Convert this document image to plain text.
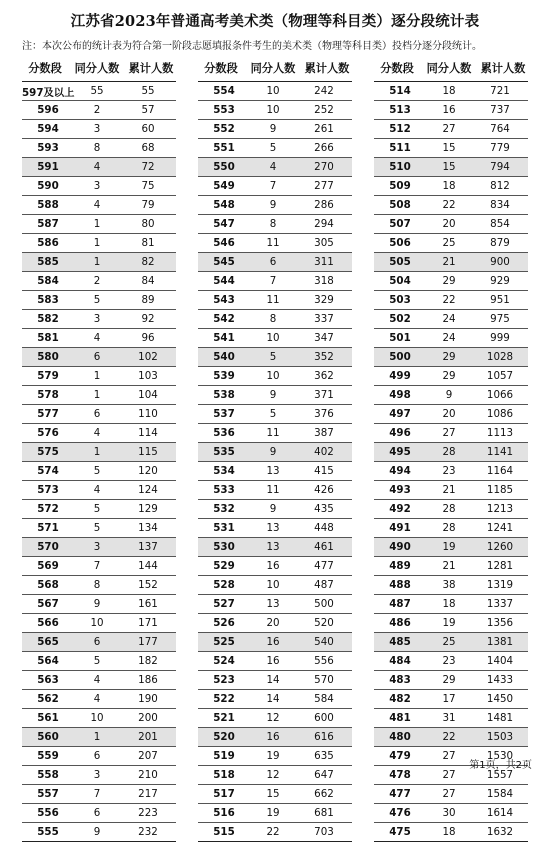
江苏省2023年普通高考美术类（物理等科目类）逐分段统计表
注：本次公布的统计表为符合第一阶段志愿填报条件考生的美术类（物理等科目类）投档分逐分段统计。
分数段	同分人数 累计人数
597及以上	55	55
596	2	57
594	3	60
593	8	68
591	4	72
590	3	75
588	4	79
587	1	80
586	1	81
585	1	82
584	2	84
583	5	89
582	3	92
581	4	96
580	6	102
579	1	103
578	1	104
577	6	110
576	4	114
575	1	115
574	5	120
573	4	124
572	5	129
571	5	134
570	3	137
569	7	144
568	8	152
567	9	161
566	10	171
565	6	177
564	5	182
563	4	186
562	4	190
561	10	200
560	1	201
559	6	207
558	3	210
557	7	217
556	6	223
555	9	232
分数段	同分人数 累计人数
554	10	242
553	10	252
552	9	261
551	5	266
550	4	270
549	7	277
548	9	286
547	8	294
546	11	305
545	6	311
544	7	318
543	11	329
542	8	337
541	10	347
540	5	352
539	10	362
538	9	371
537	5	376
536	11	387
535	9	402
534	13	415
533	11	426
532	9	435
531	13	448
530	13	461
529	16	477
528	10	487
527	13	500
526	20	520
525	16	540
524	16	556
523	14	570
522	14	584
521	12	600
520	16	616
519	19	635
518	12	647
517	15	662
516	19	681
515	22	703
分数段	同分人数 累计人数
514	18	721
513	16	737
512	27	764
511	15	779
510	15	794
509	18	812
508	22	834
507	20	854
506	25	879
505	21	900
504	29	929
503	22	951
502	24	975
501	24	999
500	29	1028
499	29	1057
498	9	1066
497	20	1086
496	27	1113
495	28	1141
494	23	1164
493	21	1185
492	28	1213
491	28	1241
490	19	1260
489	21	1281
488	38	1319
487	18	1337
486	19	1356
485	25	1381
484	23	1404
483	29	1433
482	17	1450
481	31	1481
480	22	1503
479	27	1530
478	27	1557
477	27	1584
476	30	1614
475	18	1632
第1页，共2页
